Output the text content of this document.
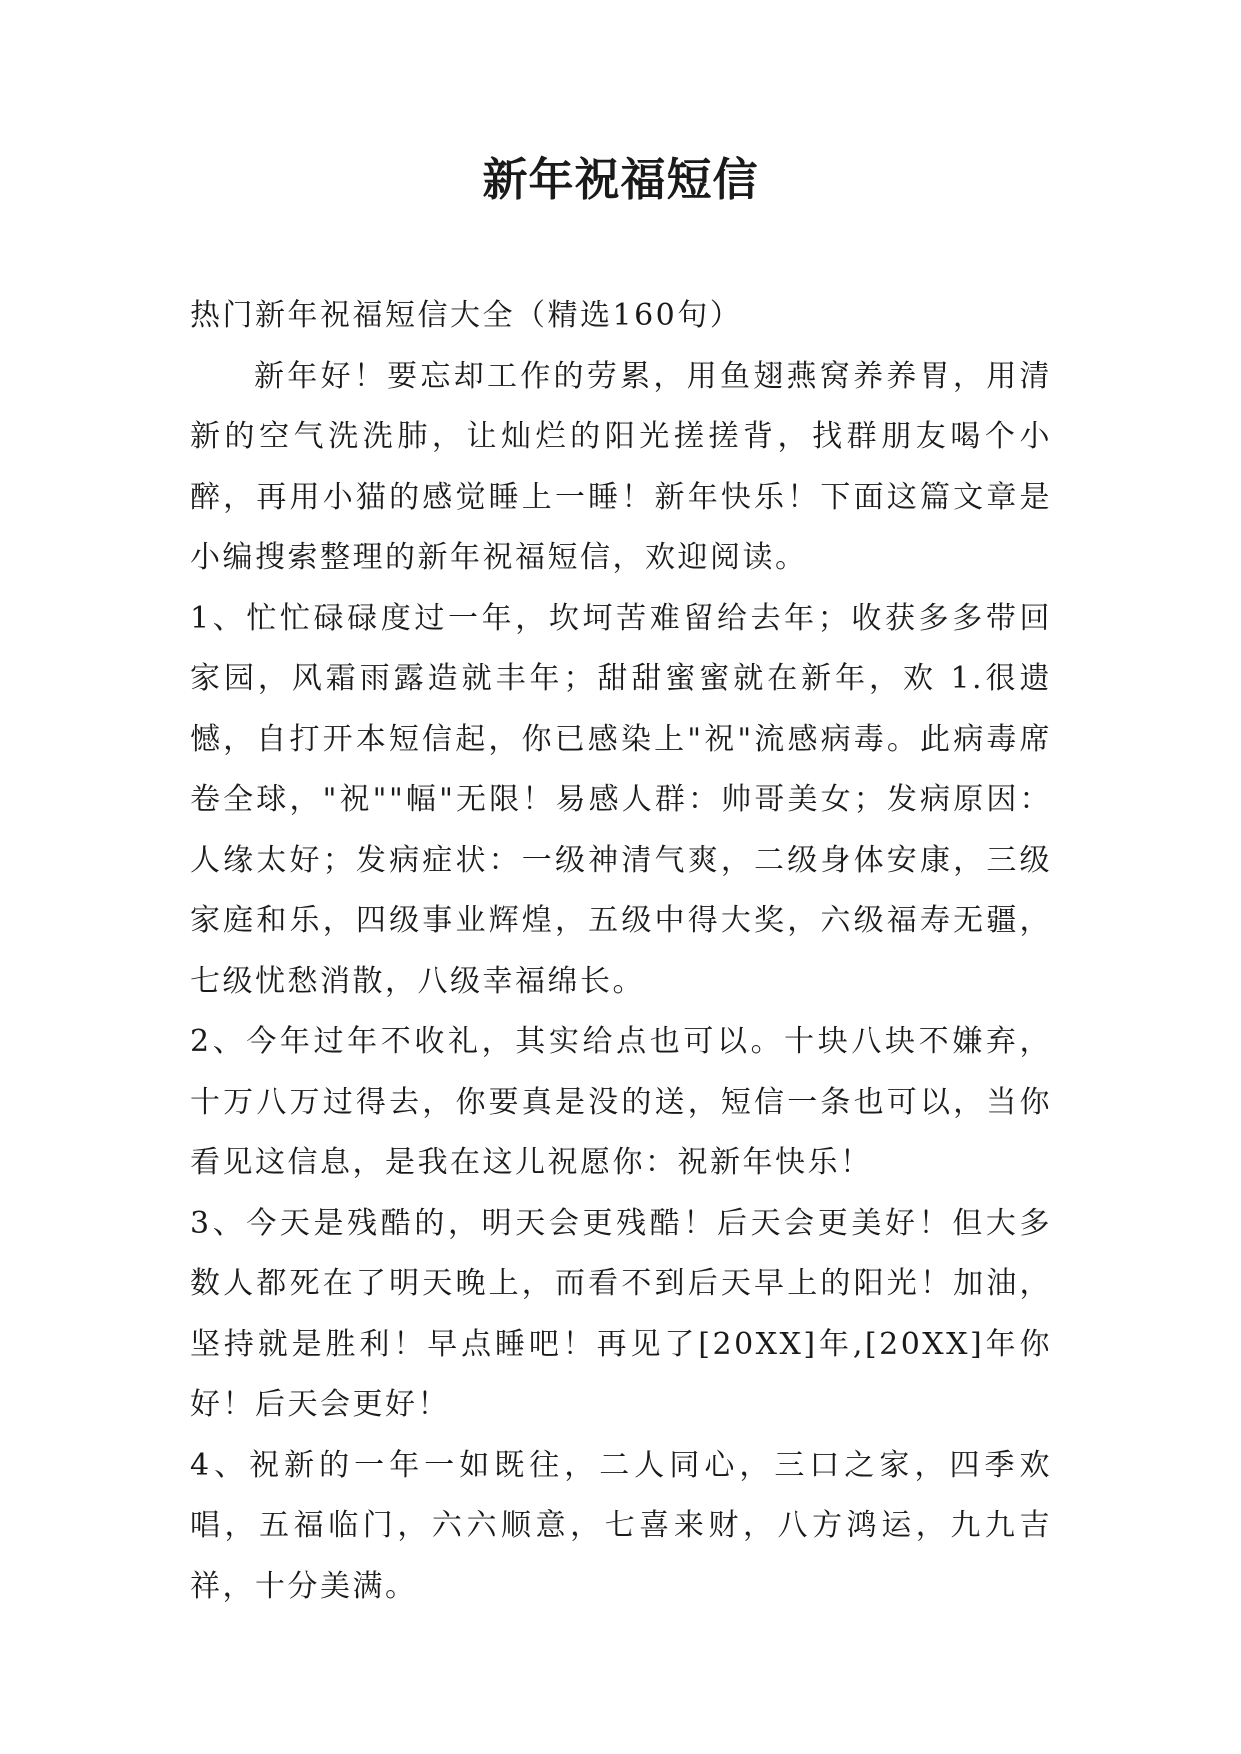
新年祝福短信

热门新年祝福短信大全（精选160句）

新年好！要忘却工作的劳累，用鱼翅燕窝养养胃，用清新的空气洗洗肺，让灿烂的阳光搓搓背，找群朋友喝个小醉，再用小猫的感觉睡上一睡！新年快乐！下面这篇文章是小编搜索整理的新年祝福短信，欢迎阅读。

1、忙忙碌碌度过一年，坎坷苦难留给去年；收获多多带回家园，风霜雨露造就丰年；甜甜蜜蜜就在新年，欢 1.很遗憾，自打开本短信起，你已感染上"祝"流感病毒。此病毒席卷全球，"祝""幅"无限！易感人群：帅哥美女；发病原因：人缘太好；发病症状：一级神清气爽，二级身体安康，三级家庭和乐，四级事业辉煌，五级中得大奖，六级福寿无疆，七级忧愁消散，八级幸福绵长。

2、今年过年不收礼，其实给点也可以。十块八块不嫌弃，十万八万过得去，你要真是没的送，短信一条也可以，当你看见这信息，是我在这儿祝愿你：祝新年快乐！

3、今天是残酷的，明天会更残酷！后天会更美好！但大多数人都死在了明天晚上，而看不到后天早上的阳光！加油，坚持就是胜利！早点睡吧！再见了[20XX]年,[20XX]年你好！后天会更好！

4、祝新的一年一如既往，二人同心，三口之家，四季欢唱，五福临门，六六顺意，七喜来财，八方鸿运，九九吉祥，十分美满。
